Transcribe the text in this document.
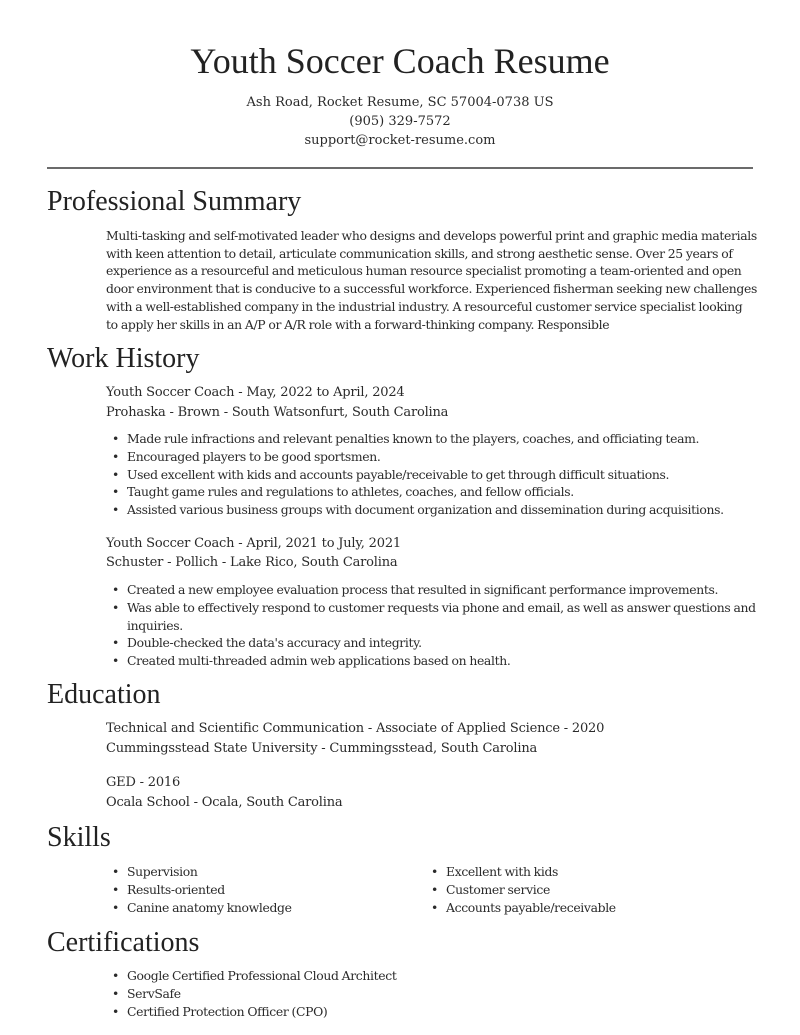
Youth Soccer Coach Resume
Ash Road, Rocket Resume, SC 57004-0738 US
(905) 329-7572
support@rocket-resume.com
Professional Summary
Multi-tasking and self-motivated leader who designs and develops powerful print and graphic media materials
with keen attention to detail, articulate communication skills, and strong aesthetic sense. Over 25 years of
experience as a resourceful and meticulous human resource specialist promoting a team-oriented and open
door environment that is conducive to a successful workforce. Experienced fisherman seeking new challenges
with a well-established company in the industrial industry. A resourceful customer service specialist looking
to apply her skills in an A/P or A/R role with a forward-thinking company. Responsible
Work History
Youth Soccer Coach - May, 2022 to April, 2024
Prohaska - Brown - South Watsonfurt, South Carolina
• Made rule infractions and relevant penalties known to the players, coaches, and officiating team.
• Encouraged players to be good sportsmen.
• Used excellent with kids and accounts payable/receivable to get through difficult situations.
• Taught game rules and regulations to athletes, coaches, and fellow officials.
• Assisted various business groups with document organization and dissemination during acquisitions.
Youth Soccer Coach - April, 2021 to July, 2021
Schuster - Pollich - Lake Rico, South Carolina
• Created a new employee evaluation process that resulted in significant performance improvements.
• Was able to effectively respond to customer requests via phone and email, as well as answer questions and
inquiries.
• Double-checked the data's accuracy and integrity.
• Created multi-threaded admin web applications based on health.
Education
Technical and Scientific Communication - Associate of Applied Science - 2020
Cummingsstead State University - Cummingsstead, South Carolina
GED - 2016
Ocala School - Ocala, South Carolina
Skills
• Supervision
• Results-oriented
• Canine anatomy knowledge
• Excellent with kids
• Customer service
• Accounts payable/receivable
Certifications
• Google Certified Professional Cloud Architect
• ServSafe
• Certified Protection Officer (CPO)
